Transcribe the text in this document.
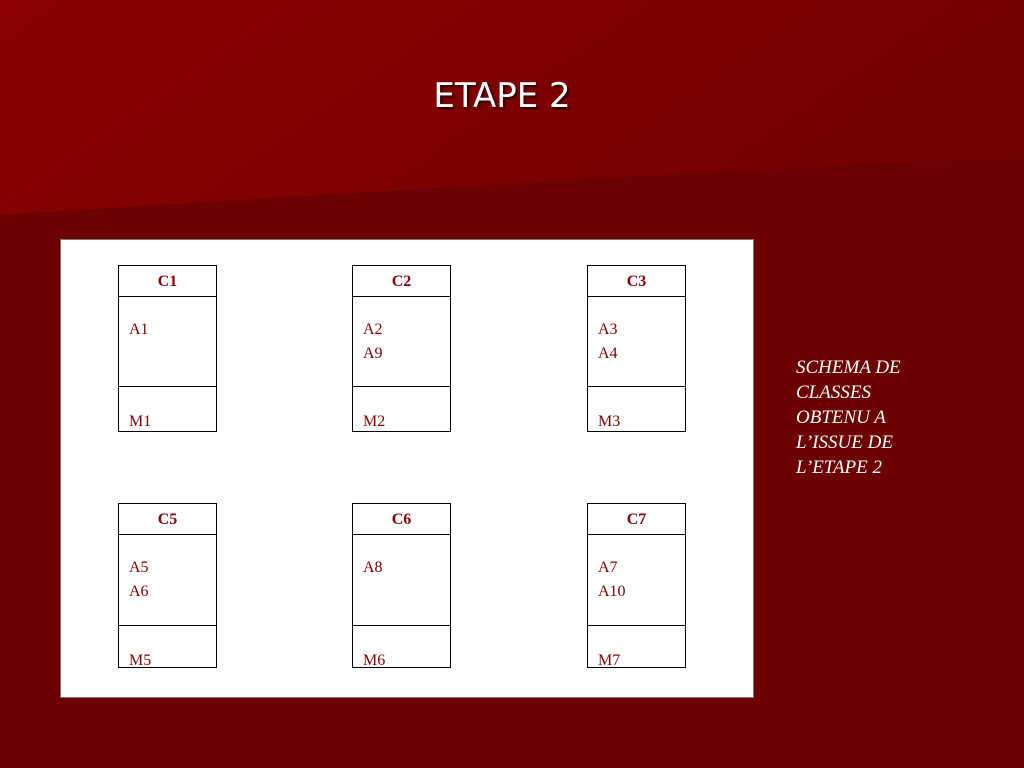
ETAPE 2
C1
A1
M1
C2
A2
A9
M2
C3
A3
A4
M3
C5
A5
A6
M5
C6
A8
M6
C7
A7
A10
M7
SCHEMA DE
CLASSES
OBTENU A
L’ISSUE DE
L’ETAPE 2
